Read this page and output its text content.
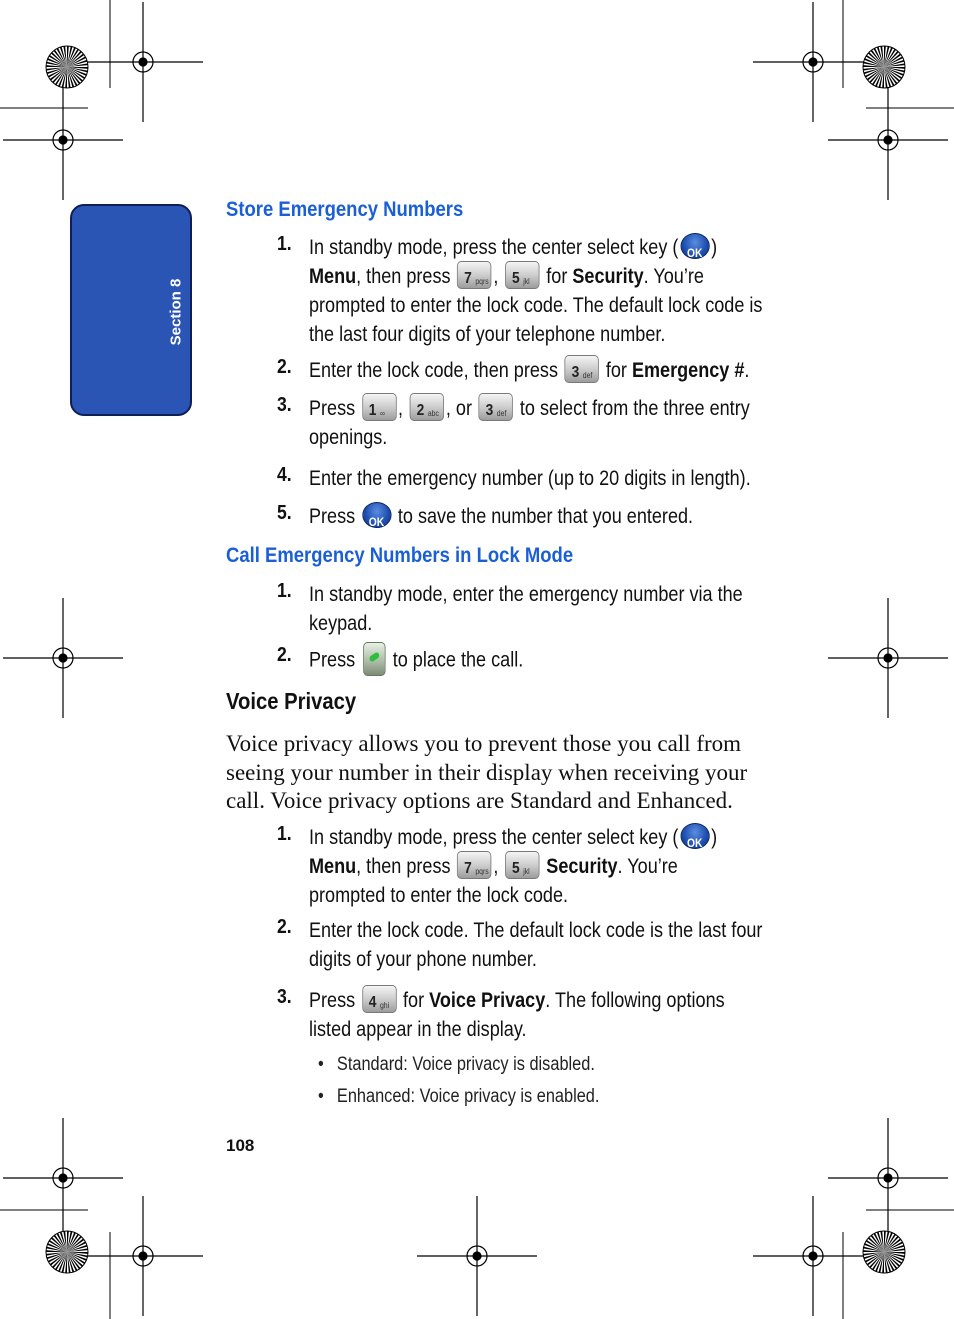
Section 8
Store Emergency Numbers
1. In standby mode, press the center select key ( OK )
Menu, then press 7 pqrs , 5 jkl for Security. You’re
prompted to enter the lock code. The default lock code is
the last four digits of your telephone number.
2. Enter the lock code, then press 3 def for Emergency #.
3. Press 1 ∞ , 2 abc , or 3 def to select from the three entry
openings.
4. Enter the emergency number (up to 20 digits in length).
5. Press OK to save the number that you entered.
Call Emergency Numbers in Lock Mode
1. In standby mode, enter the emergency number via the
keypad.
2. Press
to place the call.
Voice Privacy
Voice privacy allows you to prevent those you call from
seeing your number in their display when receiving your
call. Voice privacy options are Standard and Enhanced.
1. In standby mode, press the center select key ( OK )
Menu, then press 7 pqrs , 5 jkl Security. You’re
prompted to enter the lock code.
2. Enter the lock code. The default lock code is the last four
digits of your phone number.
3. Press 4 ghi for Voice Privacy. The following options
listed appear in the display.
• Standard: Voice privacy is disabled.
• Enhanced: Voice privacy is enabled.
108
